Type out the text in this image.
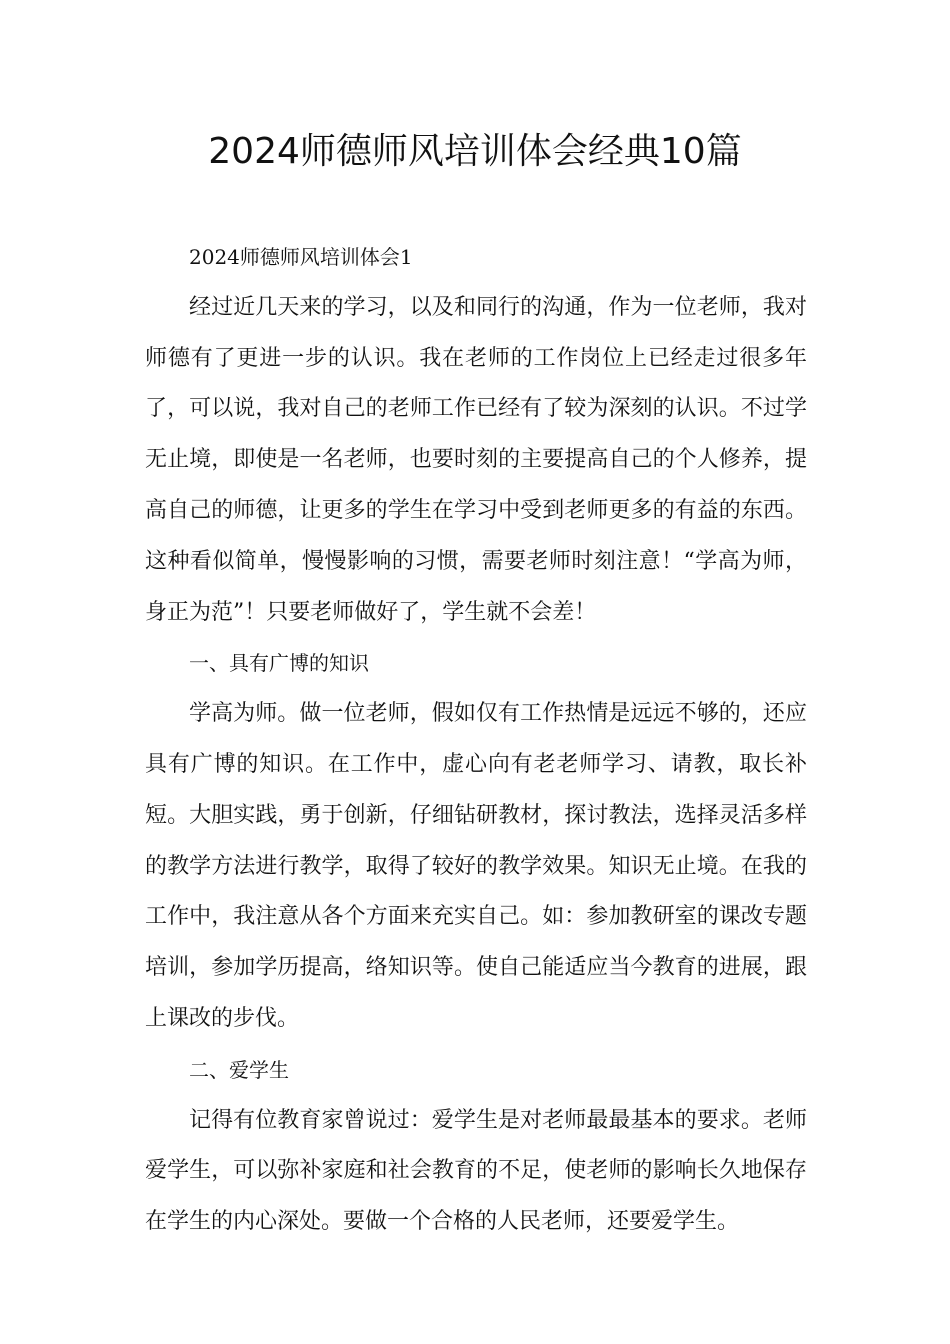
2024师德师风培训体会经典10篇

2024师德师风培训体会1

经过近几天来的学习，以及和同行的沟通，作为一位老师，我对师德有了更进一步的认识。我在老师的工作岗位上已经走过很多年了，可以说，我对自己的老师工作已经有了较为深刻的认识。不过学无止境，即使是一名老师，也要时刻的主要提高自己的个人修养，提高自己的师德，让更多的学生在学习中受到老师更多的有益的东西。这种看似简单，慢慢影响的习惯，需要老师时刻注意！“学高为师，身正为范”！只要老师做好了，学生就不会差！

一、具有广博的知识

学高为师。做一位老师，假如仅有工作热情是远远不够的，还应具有广博的知识。在工作中，虚心向有老老师学习、请教，取长补短。大胆实践，勇于创新，仔细钻研教材，探讨教法，选择灵活多样的教学方法进行教学，取得了较好的教学效果。知识无止境。在我的工作中，我注意从各个方面来充实自己。如：参加教研室的课改专题培训，参加学历提高，络知识等。使自己能适应当今教育的进展，跟上课改的步伐。

二、爱学生

记得有位教育家曾说过：爱学生是对老师最最基本的要求。老师爱学生，可以弥补家庭和社会教育的不足，使老师的影响长久地保存在学生的内心深处。要做一个合格的人民老师，还要爱学生。
